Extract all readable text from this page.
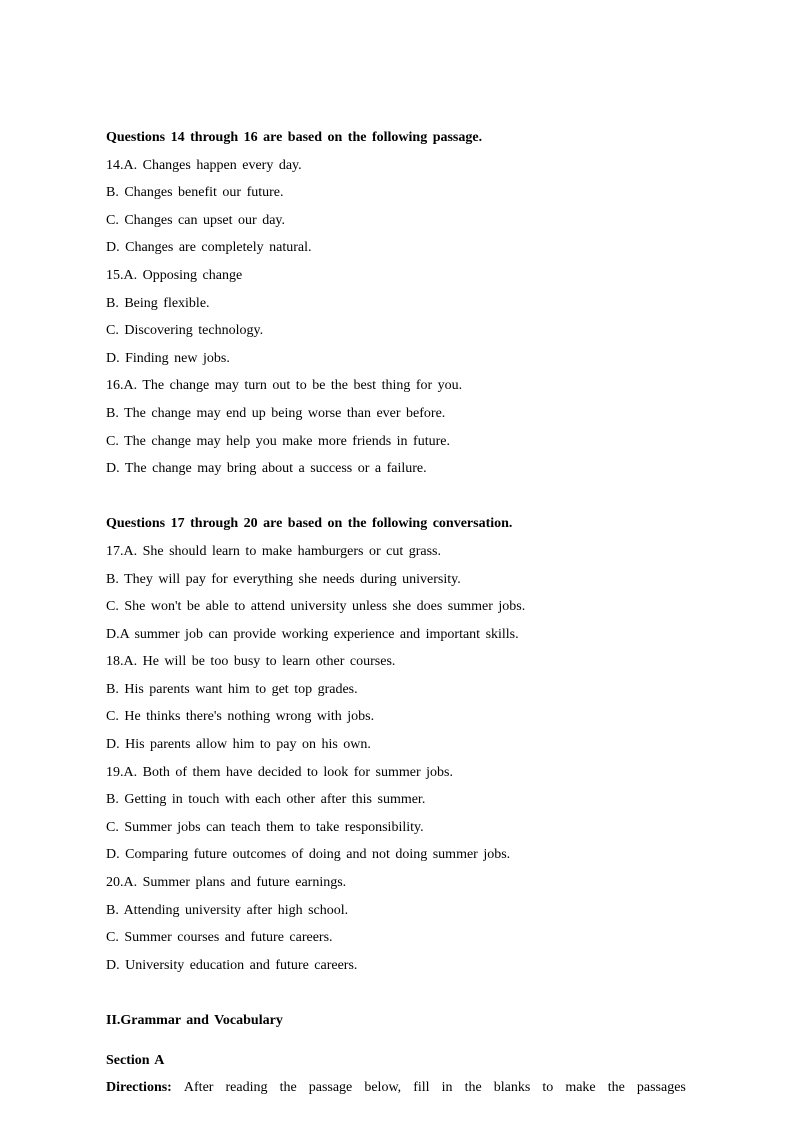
Questions 14 through 16 are based on the following passage.
14.A. Changes happen every day.
B. Changes benefit our future.
C. Changes can upset our day.
D. Changes are completely natural.
15.A. Opposing change
B. Being flexible.
C. Discovering technology.
D. Finding new jobs.
16.A. The change may turn out to be the best thing for you.
B. The change may end up being worse than ever before.
C. The change may help you make more friends in future.
D. The change may bring about a success or a failure.
Questions 17 through 20 are based on the following conversation.
17.A. She should learn to make hamburgers or cut grass.
B. They will pay for everything she needs during university.
C. She won't be able to attend university unless she does summer jobs.
D.A summer job can provide working experience and important skills.
18.A. He will be too busy to learn other courses.
B. His parents want him to get top grades.
C. He thinks there's nothing wrong with jobs.
D. His parents allow him to pay on his own.
19.A. Both of them have decided to look for summer jobs.
B. Getting in touch with each other after this summer.
C. Summer jobs can teach them to take responsibility.
D. Comparing future outcomes of doing and not doing summer jobs.
20.A. Summer plans and future earnings.
B. Attending university after high school.
C. Summer courses and future careers.
D. University education and future careers.
II.Grammar and Vocabulary
Section A
Directions: After reading the passage below, fill in the blanks to make the passages
